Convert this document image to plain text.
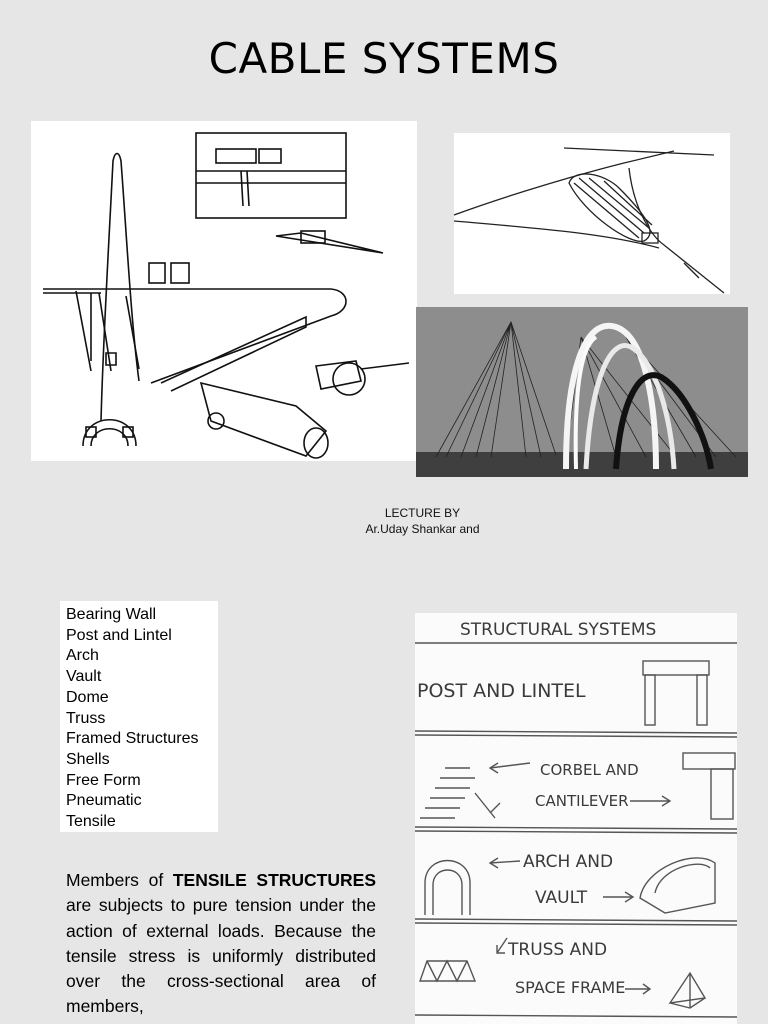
CABLE SYSTEMS
LECTURE BY
Ar.Uday Shankar and
Bearing Wall
Post and Lintel
Arch
Vault
Dome
Truss
Framed Structures
Shells
Free Form
Pneumatic
Tensile
Members of TENSILE STRUCTURES are subjects to pure tension under the action of external loads. Because the tensile stress is uniformly distributed over the cross-sectional area of members,
STRUCTURAL SYSTEMS
POST AND LINTEL
CORBEL AND
CANTILEVER
ARCH AND
VAULT
TRUSS AND
SPACE FRAME
